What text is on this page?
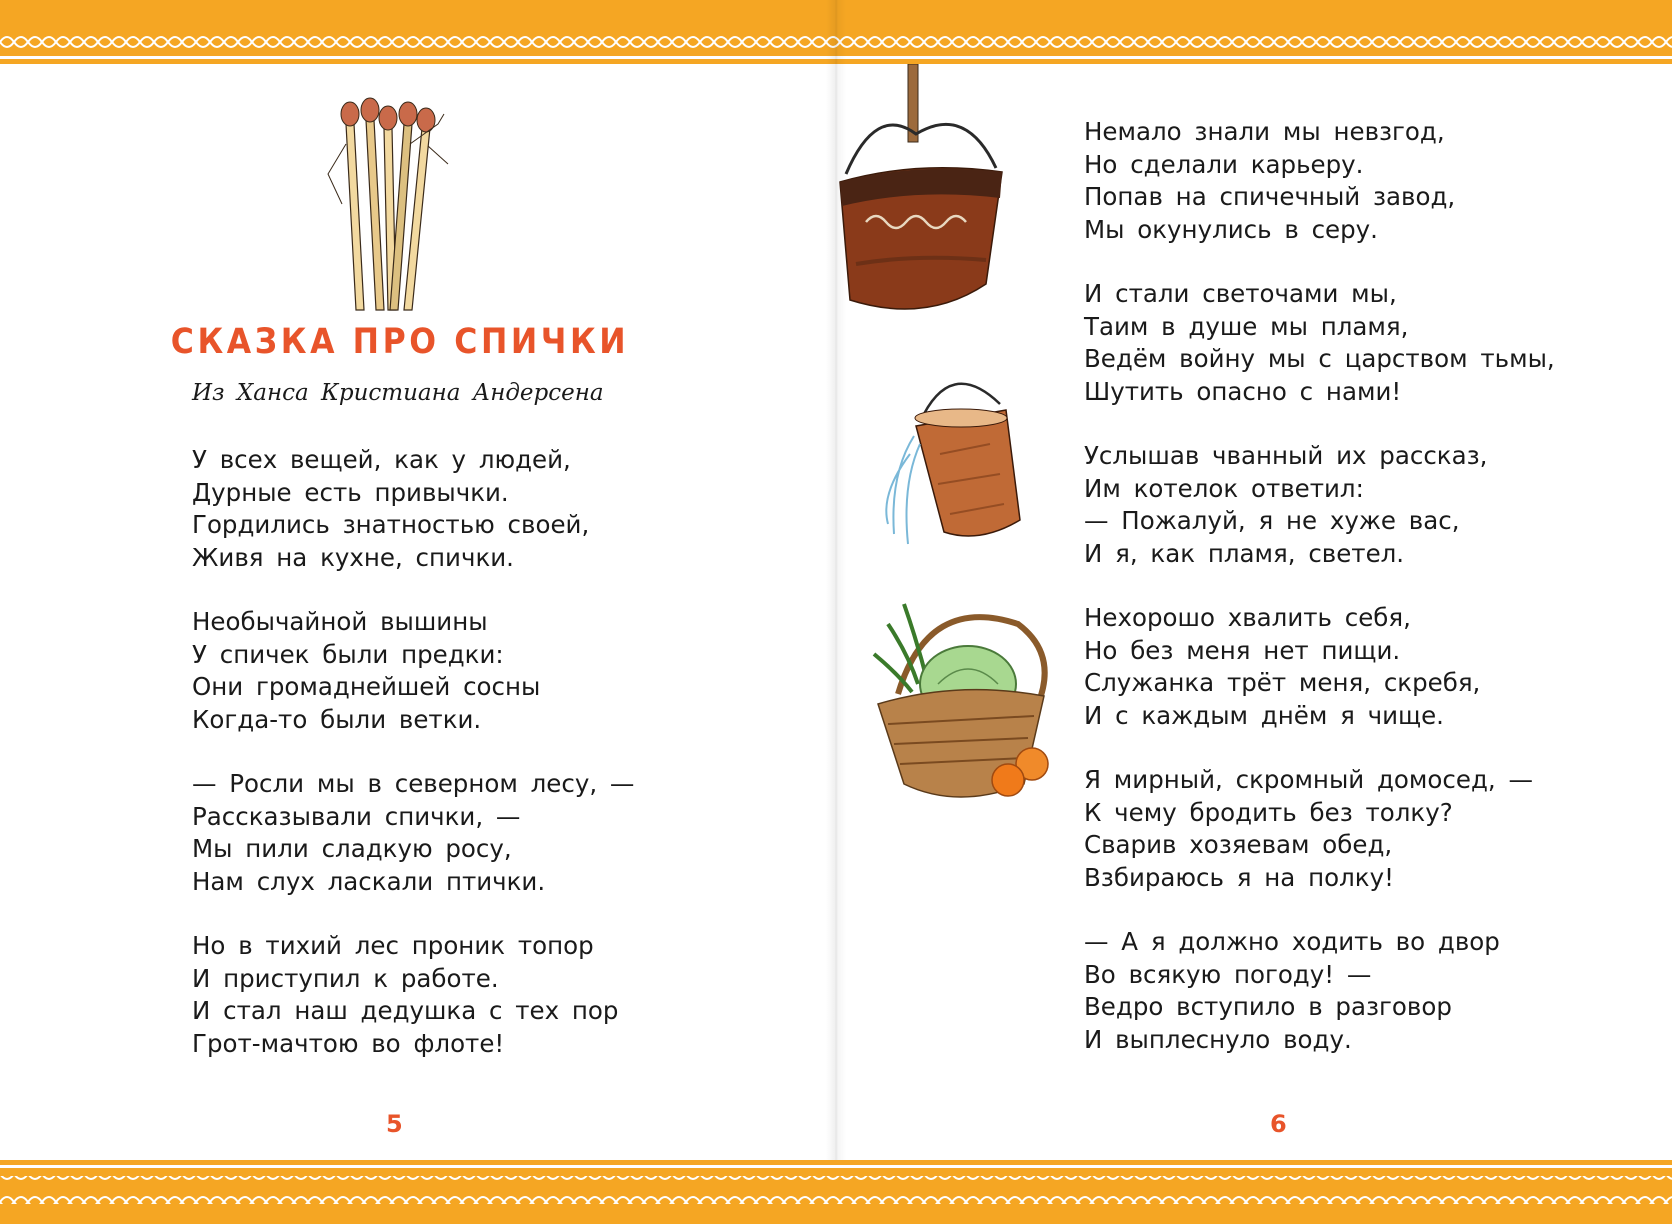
СКАЗКА ПРО СПИЧКИ
Из Ханса Кристиана Андерсена
У всех вещей, как у людей,
Дурные есть привычки.
Гордились знатностью своей,
Живя на кухне, спички.
Необычайной вышины
У спичек были предки:
Они громаднейшей сосны
Когда-то были ветки.
— Росли мы в северном лесу, —
Рассказывали спички, —
Мы пили сладкую росу,
Нам слух ласкали птички.
Но в тихий лес проник топор
И приступил к работе.
И стал наш дедушка с тех пор
Грот-мачтою во флоте!
5
Немало знали мы невзгод,
Но сделали карьеру.
Попав на спичечный завод,
Мы окунулись в серу.
И стали светочами мы,
Таим в душе мы пламя,
Ведём войну мы с царством тьмы,
Шутить опасно с нами!
Услышав чванный их рассказ,
Им котелок ответил:
— Пожалуй, я не хуже вас,
И я, как пламя, светел.
Нехорошо хвалить себя,
Но без меня нет пищи.
Служанка трёт меня, скребя,
И с каждым днём я чище.
Я мирный, скромный домосед, —
К чему бродить без толку?
Сварив хозяевам обед,
Взбираюсь я на полку!
— А я должно ходить во двор
Во всякую погоду! —
Ведро вступило в разговор
И выплеснуло воду.
6
